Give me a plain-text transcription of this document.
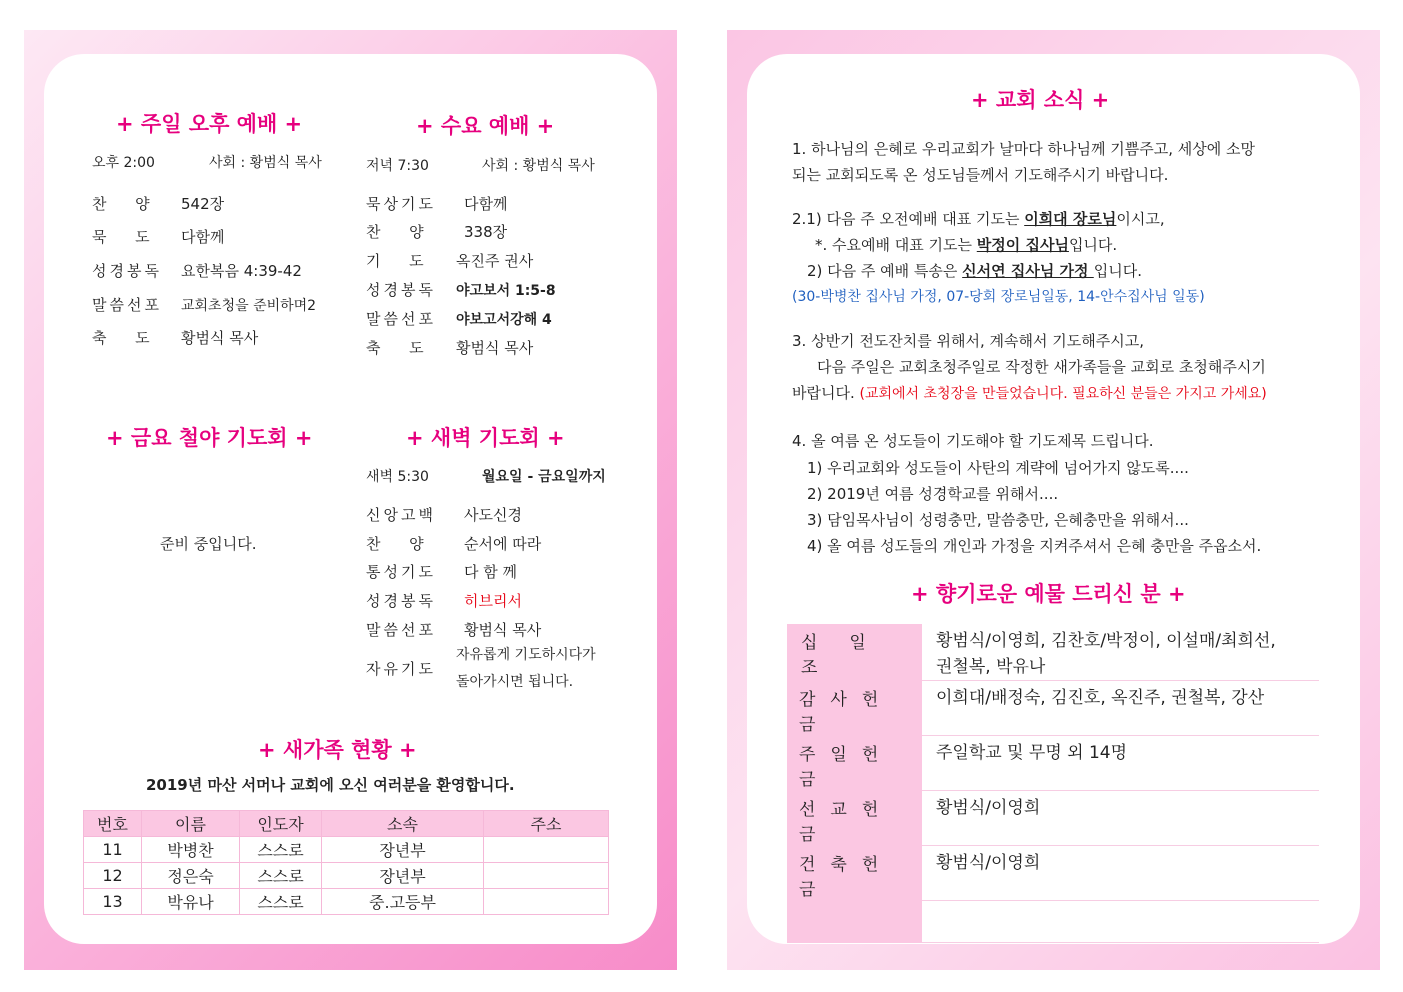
+ 주일 오후 예배 +
오후 2:00	사회 : 황범식 목사
찬      양 542장
묵      도 다함께
성경봉독 요한복음 4:39-42
말씀선포 교회초청을 준비하며2
축      도 황범식 목사
+ 수요 예배 +
저녁 7:30	사회 : 황범식 목사
묵상기도 다함께
찬      양	338장
기      도 옥진주 권사
성경봉독 야고보서 1:5-8
말씀선포 야보고서강해 4
축      도 황범식 목사
+ 금요 철야 기도회 +
준비 중입니다.
+ 새벽 기도회 +
새벽 5:30	월요일 - 금요일까지
신앙고백 사도신경
찬      양	순서에 따라
통성기도 다 함 께
성경봉독 히브리서
말씀선포 황범식 목사
자유기도
자유롭게 기도하시다가
돌아가시면 됩니다.
+ 새가족 현황 +
2019년 마산 서머나 교회에 오신 여러분을 환영합니다.
번호	이름	인도자	소속	주소
11	박병찬	스스로	장년부	
12	정은숙	스스로	장년부	
13	박유나	스스로	중.고등부	
+ 교회 소식 +
1. 하나님의 은혜로 우리교회가 날마다 하나님께 기쁨주고, 세상에 소망
되는 교회되도록 온 성도님들께서 기도해주시기 바랍니다.
2.1) 다음 주 오전예배 대표 기도는 이희대 장로님이시고,
*. 수요예배 대표 기도는 박정이 집사님입니다.
2) 다음 주 예배 특송은 신서연 집사님 가정 입니다.
(30-박병찬 집사님 가정, 07-당회 장로님일동, 14-안수집사님 일동)
3. 상반기 전도잔치를 위해서, 계속해서 기도해주시고,
다음 주일은 교회초청주일로 작정한 새가족들을 교회로 초청해주시기
바랍니다. (교회에서 초청장을 만들었습니다. 필요하신 분들은 가지고 가세요)
4. 올 여름 온 성도들이 기도해야 할 기도제목 드립니다.
1) 우리교회와 성도들이 사탄의 계략에 넘어가지 않도록....
2) 2019년 여름 성경학교를 위해서....
3) 담임목사님이 성령충만, 말씀충만, 은혜충만을 위해서...
4) 올 여름 성도들의 개인과 가정을 지켜주셔서 은혜 충만을 주옵소서.
+ 향기로운 예물 드리신 분 +
십일조	황범식/이영희, 김찬호/박정이, 이설매/최희선,
권철복, 박유나

감사헌금	이희대/배정숙, 김진호, 옥진주, 권철복, 강산
주일헌금	주일학교 및 무명 외 14명
선교헌금	황범식/이영희
건축헌금	황범식/이영희
